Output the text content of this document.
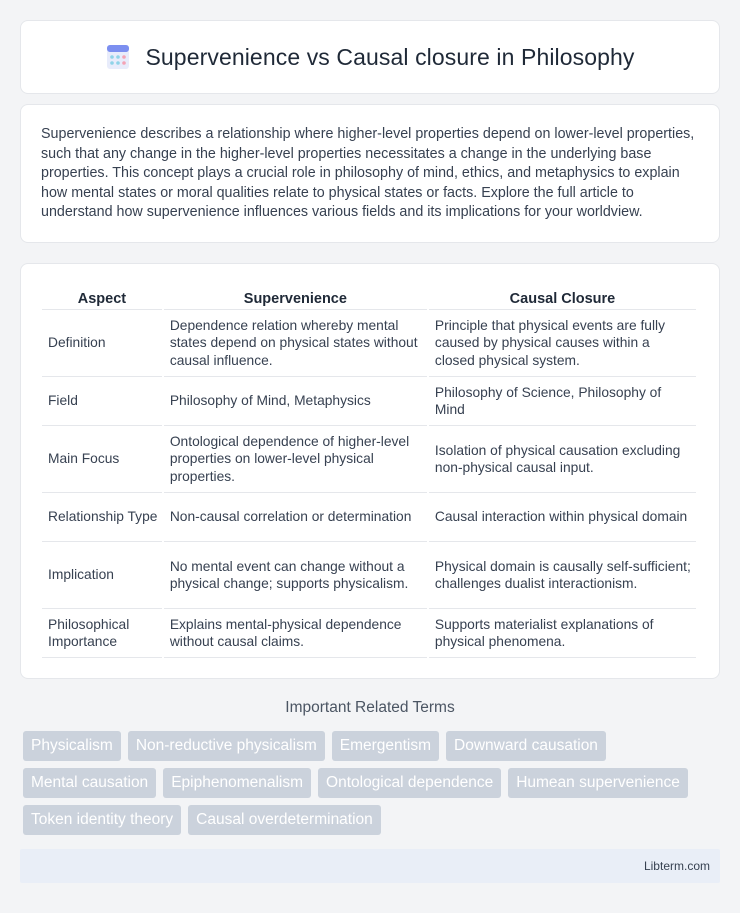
Supervenience vs Causal closure in Philosophy

Supervenience describes a relationship where higher-level properties depend on lower-level properties, such that any change in the higher-level properties necessitates a change in the underlying base properties. This concept plays a crucial role in philosophy of mind, ethics, and metaphysics to explain how mental states or moral qualities relate to physical states or facts. Explore the full article to understand how supervenience influences various fields and its implications for your worldview.

Aspect	Supervenience	Causal Closure
Definition	Dependence relation whereby mental states depend on physical states without causal influence.	Principle that physical events are fully caused by physical causes within a closed physical system.
Field	Philosophy of Mind, Metaphysics	Philosophy of Science, Philosophy of Mind
Main Focus	Ontological dependence of higher-level properties on lower-level physical properties.	Isolation of physical causation excluding non-physical causal input.
Relationship Type	Non-causal correlation or determination	Causal interaction within physical domain
Implication	No mental event can change without a physical change; supports physicalism.	Physical domain is causally self-sufficient; challenges dualist interactionism.
Philosophical Importance	Explains mental-physical dependence without causal claims.	Supports materialist explanations of physical phenomena.
Important Related Terms
Physicalism	Non-reductive physicalism	Emergentism	Downward causation
Mental causation	Epiphenomenalism	Ontological dependence	Humean supervenience
Token identity theory	Causal overdetermination
Libterm.com
